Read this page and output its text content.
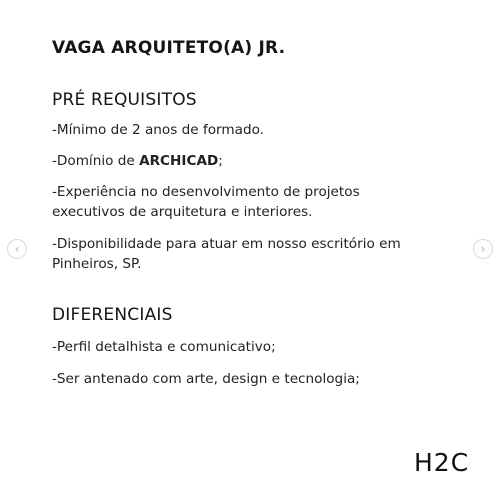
VAGA ARQUITETO(A) JR.
PRÉ REQUISITOS
-Mínimo de 2 anos de formado.
-Domínio de ARCHICAD;
-Experiência no desenvolvimento de projetos executivos de arquitetura e interiores.
-Disponibilidade para atuar em nosso escritório em Pinheiros, SP.
DIFERENCIAIS
-Perfil detalhista e comunicativo;
-Ser antenado com arte, design e tecnologia;
H2C
‹	›
